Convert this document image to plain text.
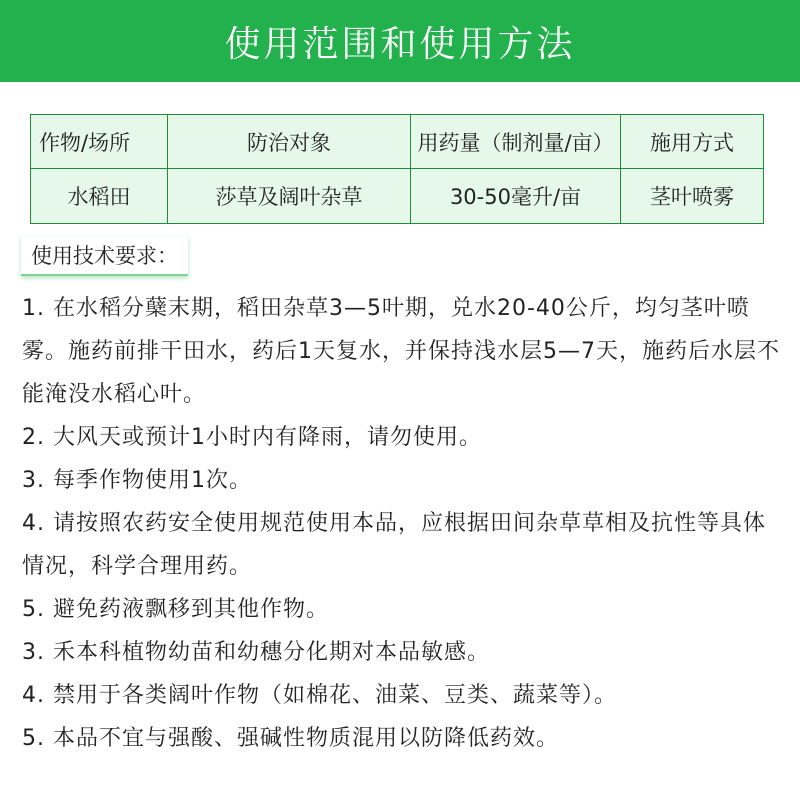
使用范围和使用方法
作物/场所	防治对象	用药量（制剂量/亩）	施用方式
水稻田	莎草及阔叶杂草	30-50毫升/亩	茎叶喷雾
使用技术要求：

1. 在水稻分蘖末期，稻田杂草3—5叶期，兑水20-40公斤，均匀茎叶喷雾。施药前排干田水，药后1天复水，并保持浅水层5—7天，施药后水层不能淹没水稻心叶。

2. 大风天或预计1小时内有降雨，请勿使用。

3. 每季作物使用1次。

4. 请按照农药安全使用规范使用本品，应根据田间杂草草相及抗性等具体情况，科学合理用药。

5. 避免药液飘移到其他作物。

3. 禾本科植物幼苗和幼穗分化期对本品敏感。

4. 禁用于各类阔叶作物（如棉花、油菜、豆类、蔬菜等）。

5. 本品不宜与强酸、强碱性物质混用以防降低药效。
